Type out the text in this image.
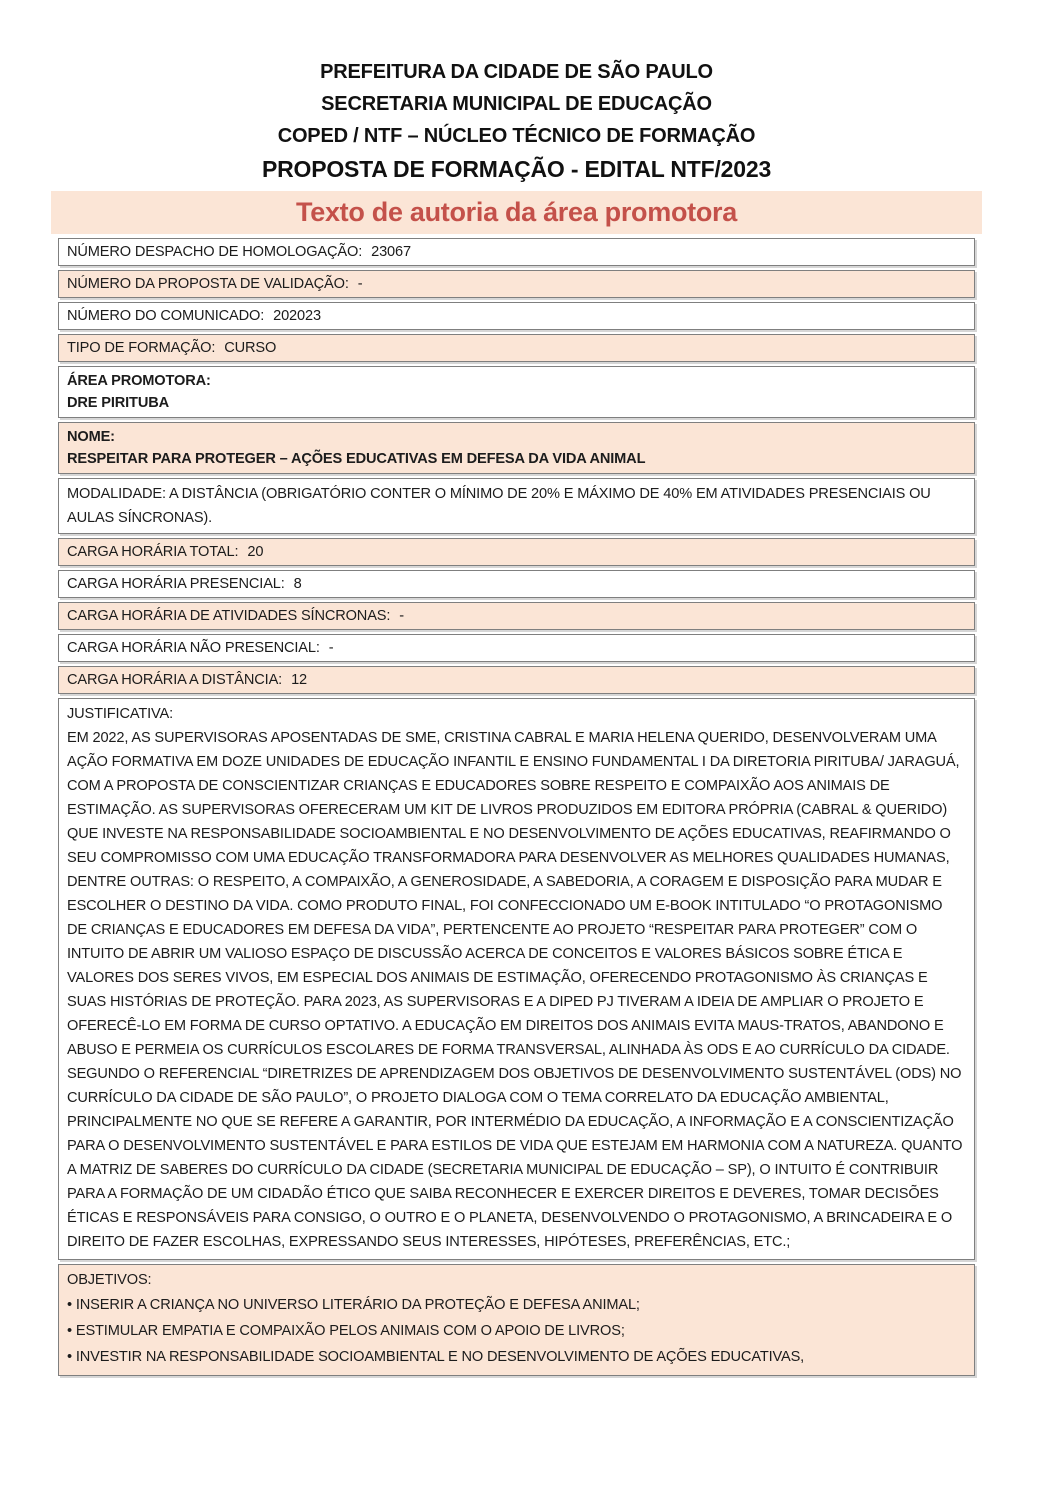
PREFEITURA DA CIDADE DE SÃO PAULO
SECRETARIA MUNICIPAL DE EDUCAÇÃO
COPED / NTF – NÚCLEO TÉCNICO DE FORMAÇÃO
PROPOSTA DE FORMAÇÃO - EDITAL NTF/2023
Texto de autoria da área promotora
NÚMERO DESPACHO DE HOMOLOGAÇÃO: 23067
NÚMERO DA PROPOSTA DE VALIDAÇÃO: -
NÚMERO DO COMUNICADO: 202023
TIPO DE FORMAÇÃO: CURSO
ÁREA PROMOTORA:
DRE PIRITUBA
NOME:
RESPEITAR PARA PROTEGER – AÇÕES EDUCATIVAS EM DEFESA DA VIDA ANIMAL
MODALIDADE: A DISTÂNCIA (OBRIGATÓRIO CONTER O MÍNIMO DE 20% E MÁXIMO DE 40% EM ATIVIDADES PRESENCIAIS OU AULAS SÍNCRONAS).
CARGA HORÁRIA TOTAL: 20
CARGA HORÁRIA PRESENCIAL: 8
CARGA HORÁRIA DE ATIVIDADES SÍNCRONAS: -
CARGA HORÁRIA NÃO PRESENCIAL: -
CARGA HORÁRIA A DISTÂNCIA: 12
JUSTIFICATIVA:
EM 2022, AS SUPERVISORAS APOSENTADAS DE SME, CRISTINA CABRAL E MARIA HELENA QUERIDO, DESENVOLVERAM UMA AÇÃO FORMATIVA EM DOZE UNIDADES DE EDUCAÇÃO INFANTIL E ENSINO FUNDAMENTAL I DA DIRETORIA PIRITUBA/ JARAGUÁ, COM A PROPOSTA DE CONSCIENTIZAR CRIANÇAS E EDUCADORES SOBRE RESPEITO E COMPAIXÃO AOS ANIMAIS DE ESTIMAÇÃO. AS SUPERVISORAS OFERECERAM UM KIT DE LIVROS PRODUZIDOS EM EDITORA PRÓPRIA (CABRAL & QUERIDO) QUE INVESTE NA RESPONSABILIDADE SOCIOAMBIENTAL E NO DESENVOLVIMENTO DE AÇÕES EDUCATIVAS, REAFIRMANDO O SEU COMPROMISSO COM UMA EDUCAÇÃO TRANSFORMADORA PARA DESENVOLVER AS MELHORES QUALIDADES HUMANAS, DENTRE OUTRAS: O RESPEITO, A COMPAIXÃO, A GENEROSIDADE, A SABEDORIA, A CORAGEM E DISPOSIÇÃO PARA MUDAR E ESCOLHER O DESTINO DA VIDA. COMO PRODUTO FINAL, FOI CONFECCIONADO UM E-BOOK INTITULADO “O PROTAGONISMO DE CRIANÇAS E EDUCADORES EM DEFESA DA VIDA”, PERTENCENTE AO PROJETO “RESPEITAR PARA PROTEGER” COM O INTUITO DE ABRIR UM VALIOSO ESPAÇO DE DISCUSSÃO ACERCA DE CONCEITOS E VALORES BÁSICOS SOBRE ÉTICA E VALORES DOS SERES VIVOS, EM ESPECIAL DOS ANIMAIS DE ESTIMAÇÃO, OFERECENDO PROTAGONISMO ÀS CRIANÇAS E SUAS HISTÓRIAS DE PROTEÇÃO. PARA 2023, AS SUPERVISORAS E A DIPED PJ TIVERAM A IDEIA DE AMPLIAR O PROJETO E OFERECÊ-LO EM FORMA DE CURSO OPTATIVO. A EDUCAÇÃO EM DIREITOS DOS ANIMAIS EVITA MAUS-TRATOS, ABANDONO E ABUSO E PERMEIA OS CURRÍCULOS ESCOLARES DE FORMA TRANSVERSAL, ALINHADA ÀS ODS E AO CURRÍCULO DA CIDADE. SEGUNDO O REFERENCIAL “DIRETRIZES DE APRENDIZAGEM DOS OBJETIVOS DE DESENVOLVIMENTO SUSTENTÁVEL (ODS) NO CURRÍCULO DA CIDADE DE SÃO PAULO”, O PROJETO DIALOGA COM O TEMA CORRELATO DA EDUCAÇÃO AMBIENTAL, PRINCIPALMENTE NO QUE SE REFERE A GARANTIR, POR INTERMÉDIO DA EDUCAÇÃO, A INFORMAÇÃO E A CONSCIENTIZAÇÃO PARA O DESENVOLVIMENTO SUSTENTÁVEL E PARA ESTILOS DE VIDA QUE ESTEJAM EM HARMONIA COM A NATUREZA. QUANTO A MATRIZ DE SABERES DO CURRÍCULO DA CIDADE (SECRETARIA MUNICIPAL DE EDUCAÇÃO – SP), O INTUITO É CONTRIBUIR PARA A FORMAÇÃO DE UM CIDADÃO ÉTICO QUE SAIBA RECONHECER E EXERCER DIREITOS E DEVERES, TOMAR DECISÕES ÉTICAS E RESPONSÁVEIS PARA CONSIGO, O OUTRO E O PLANETA, DESENVOLVENDO O PROTAGONISMO, A BRINCADEIRA E O DIREITO DE FAZER ESCOLHAS, EXPRESSANDO SEUS INTERESSES, HIPÓTESES, PREFERÊNCIAS, ETC.;
OBJETIVOS:
• INSERIR A CRIANÇA NO UNIVERSO LITERÁRIO DA PROTEÇÃO E DEFESA ANIMAL;
• ESTIMULAR EMPATIA E COMPAIXÃO PELOS ANIMAIS COM O APOIO DE LIVROS;
• INVESTIR NA RESPONSABILIDADE SOCIOAMBIENTAL E NO DESENVOLVIMENTO DE AÇÕES EDUCATIVAS,
